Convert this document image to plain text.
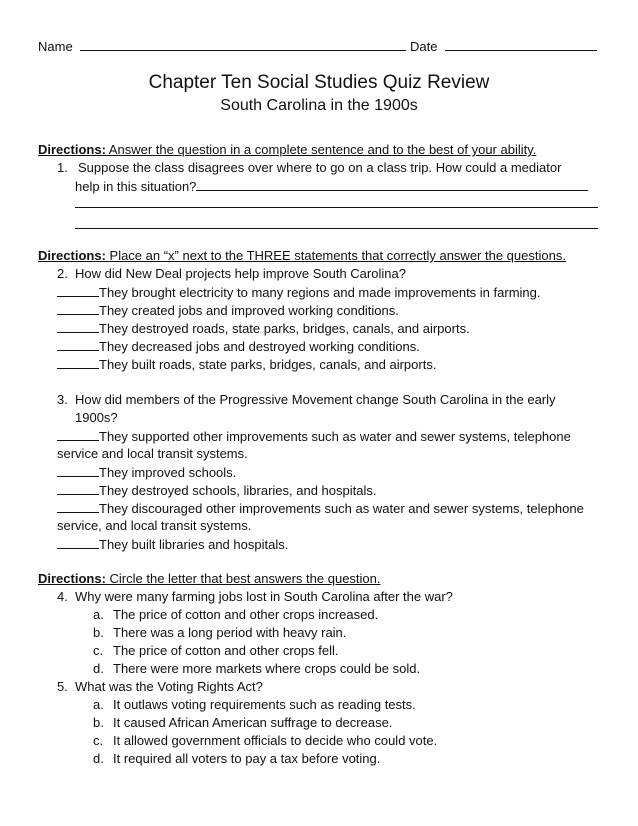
Name	Date
Chapter Ten Social Studies Quiz Review
South Carolina in the 1900s
Directions: Answer the question in a complete sentence and to the best of your ability.
1. Suppose the class disagrees over where to go on a class trip. How could a mediator
help in this situation?
Directions: Place an “x” next to the THREE statements that correctly answer the questions.
2. How did New Deal projects help improve South Carolina?
They brought electricity to many regions and made improvements in farming.
They created jobs and improved working conditions.
They destroyed roads, state parks, bridges, canals, and airports.
They decreased jobs and destroyed working conditions.
They built roads, state parks, bridges, canals, and airports.
3. How did members of the Progressive Movement change South Carolina in the early
1900s?
They supported other improvements such as water and sewer systems, telephone
service and local transit systems.
They improved schools.
They destroyed schools, libraries, and hospitals.
They discouraged other improvements such as water and sewer systems, telephone
service, and local transit systems.
They built libraries and hospitals.
Directions: Circle the letter that best answers the question.
4. Why were many farming jobs lost in South Carolina after the war?
a. The price of cotton and other crops increased.
b. There was a long period with heavy rain.
c. The price of cotton and other crops fell.
d. There were more markets where crops could be sold.
5. What was the Voting Rights Act?
a. It outlaws voting requirements such as reading tests.
b. It caused African American suffrage to decrease.
c. It allowed government officials to decide who could vote.
d. It required all voters to pay a tax before voting.
